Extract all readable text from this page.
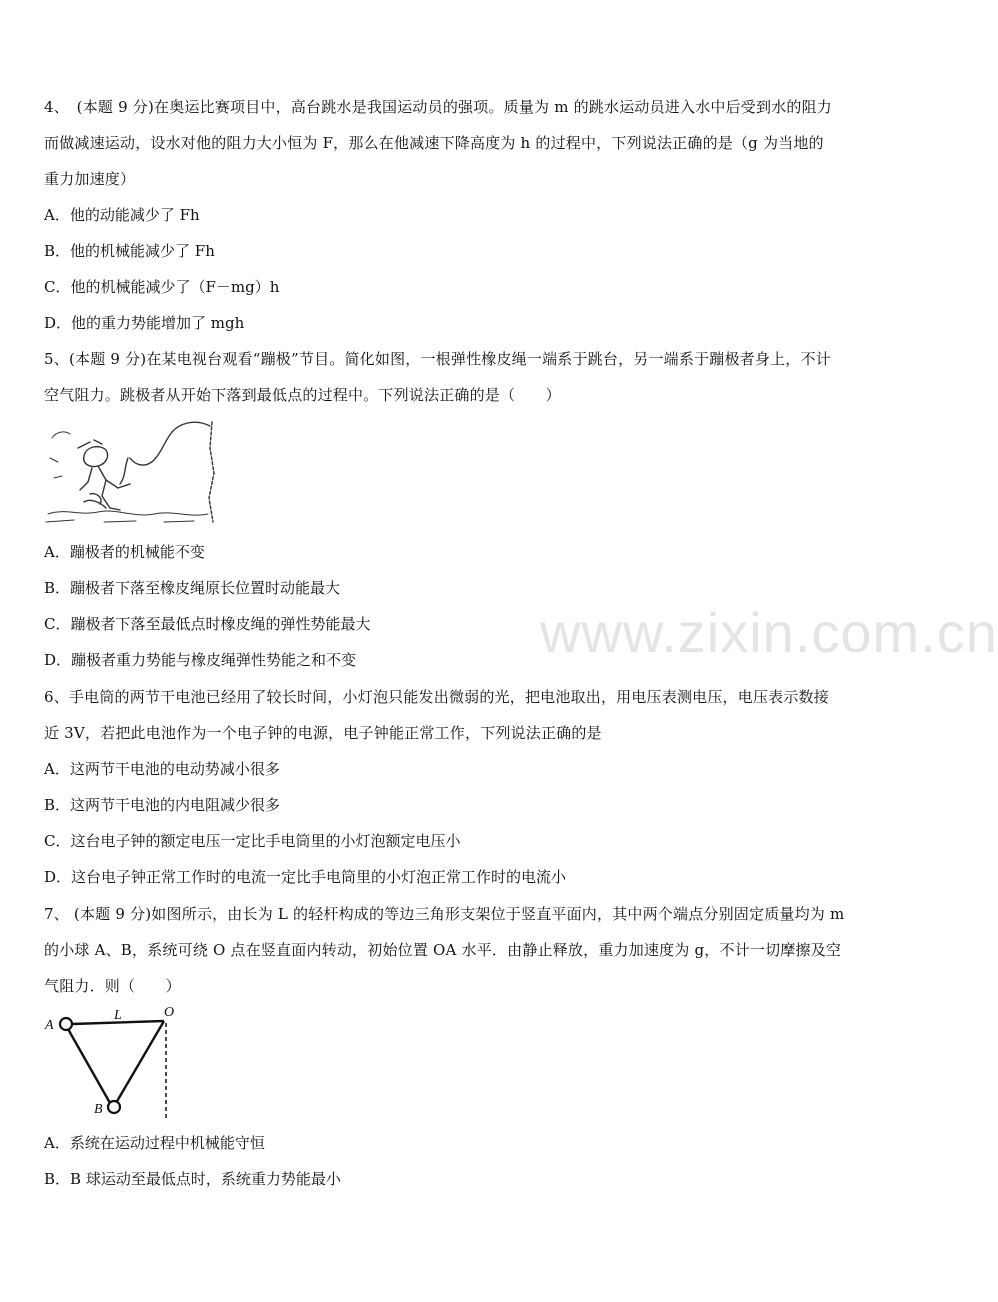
4、　(本题 9 分)在奥运比赛项目中，高台跳水是我国运动员的强项。质量为 m 的跳水运动员进入水中后受到水的阻力
而做减速运动，设水对他的阻力大小恒为 F，那么在他减速下降高度为 h 的过程中，下列说法正确的是（g 为当地的
重力加速度）
A．他的动能减少了 Fh
B．他的机械能减少了 Fh
C．他的机械能减少了（F－mg）h
D．他的重力势能增加了 mgh
5、(本题 9 分)在某电视台观看“蹦极”节目。简化如图，一根弹性橡皮绳一端系于跳台，另一端系于蹦极者身上，不计
空气阻力。跳极者从开始下落到最低点的过程中。下列说法正确的是（　　）
A．蹦极者的机械能不变
B．蹦极者下落至橡皮绳原长位置时动能最大
C．蹦极者下落至最低点时橡皮绳的弹性势能最大
D．蹦极者重力势能与橡皮绳弹性势能之和不变
6、手电筒的两节干电池已经用了较长时间，小灯泡只能发出微弱的光，把电池取出，用电压表测电压，电压表示数接
近 3V，若把此电池作为一个电子钟的电源，电子钟能正常工作，下列说法正确的是
A．这两节干电池的电动势减小很多
B．这两节干电池的内电阻减少很多
C．这台电子钟的额定电压一定比手电筒里的小灯泡额定电压小
D．这台电子钟正常工作时的电流一定比手电筒里的小灯泡正常工作时的电流小
7、 (本题 9 分)如图所示，由长为 L 的轻杆构成的等边三角形支架位于竖直平面内，其中两个端点分别固定质量均为 m
的小球 A、B，系统可绕 O 点在竖直面内转动，初始位置 OA 水平．由静止释放，重力加速度为 g，不计一切摩擦及空
气阻力．则（　　）
A
L	O
B
A．系统在运动过程中机械能守恒
B．B 球运动至最低点时，系统重力势能最小
www.zixin.com.cn
